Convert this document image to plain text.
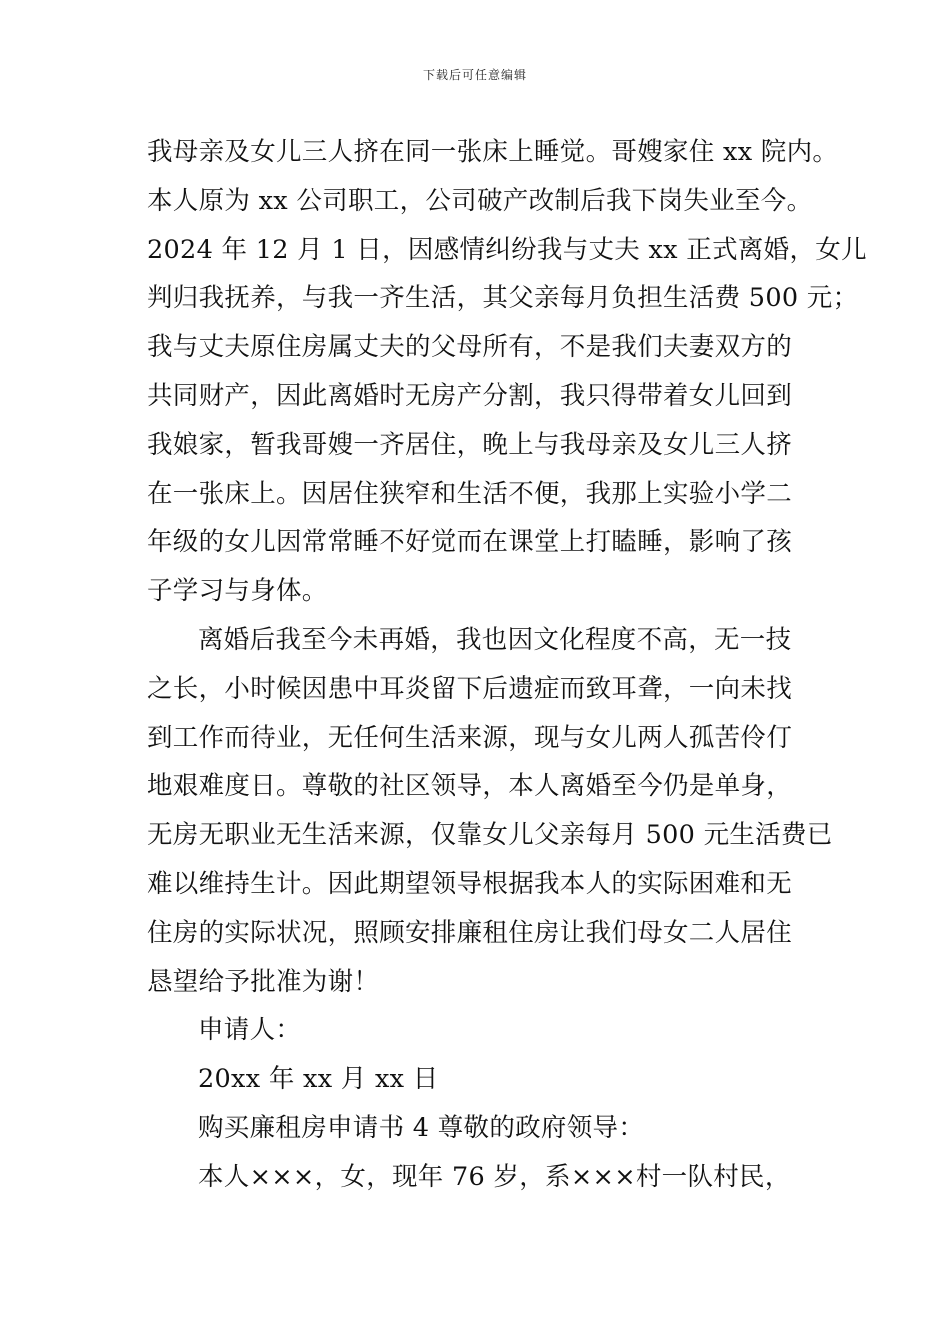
下载后可任意编辑
我母亲及女儿三人挤在同一张床上睡觉。哥嫂家住 xx 院内。
本人原为 xx 公司职工，公司破产改制后我下岗失业至今。
2024 年 12 月 1 日，因感情纠纷我与丈夫 xx 正式离婚，女儿
判归我抚养，与我一齐生活，其父亲每月负担生活费 500 元；
我与丈夫原住房属丈夫的父母所有，不是我们夫妻双方的
共同财产，因此离婚时无房产分割，我只得带着女儿回到
我娘家，暂我哥嫂一齐居住，晚上与我母亲及女儿三人挤
在一张床上。因居住狭窄和生活不便，我那上实验小学二
年级的女儿因常常睡不好觉而在课堂上打瞌睡，影响了孩
子学习与身体。
离婚后我至今未再婚，我也因文化程度不高，无一技
之长，小时候因患中耳炎留下后遗症而致耳聋，一向未找
到工作而待业，无任何生活来源，现与女儿两人孤苦伶仃
地艰难度日。尊敬的社区领导，本人离婚至今仍是单身，
无房无职业无生活来源，仅靠女儿父亲每月 500 元生活费已
难以维持生计。因此期望领导根据我本人的实际困难和无
住房的实际状况，照顾安排廉租住房让我们母女二人居住
恳望给予批准为谢！
申请人：
20xx 年 xx 月 xx 日
购买廉租房申请书 4 尊敬的政府领导：
本人×××，女，现年 76 岁，系×××村一队村民，
